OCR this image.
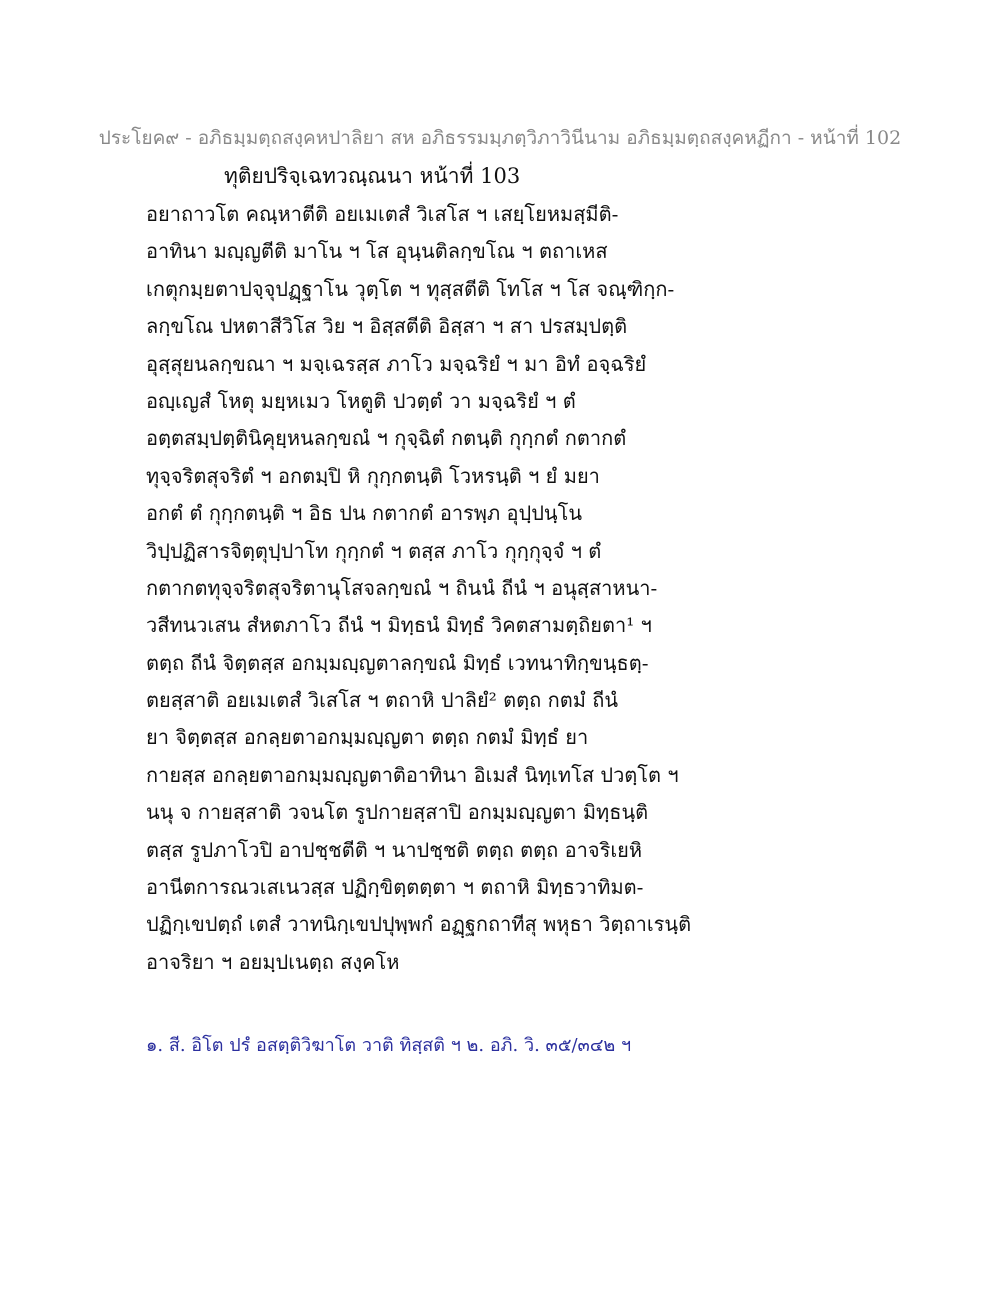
ประโยค๙ - อภิธมฺมตฺถสงฺคหปาลิยา สห อภิธรรมมฺภตฺวิภาวินีนาม อภิธมฺมตฺถสงฺคหฏีกา - หน้าที่ 102
ทุติยปริจฺเฉทวณฺณนา หน้าที่ 103
อยาถาวโต คณฺหาตีติ อยเมเตสํ วิเสโส ฯ เสยฺโยหมสฺมีติ-
อาทินา มญฺญตีติ มาโน ฯ โส อุนฺนติลกฺขโณ ฯ ตถาเหส
เกตุกมฺยตาปจฺจุปฏฺฐาโน วุตฺโต ฯ ทุสฺสตีติ โทโส ฯ โส จณฺฑิกฺก-
ลกฺขโณ ปหตาสีวิโส วิย ฯ อิสฺสตีติ อิสฺสา ฯ สา ปรสมฺปตฺติ
อุสฺสุยนลกฺขณา ฯ มจฺเฉรสฺส ภาโว มจฺฉริยํ ฯ มา อิทํ อจฺฉริยํ
อญฺเญสํ โหตุ มยฺหเมว โหตูติ ปวตฺตํ วา มจฺฉริยํ ฯ ตํ
อตฺตสมฺปตฺตินิคุยฺหนลกฺขณํ ฯ กุจฺฉิตํ กตนฺติ กุกฺกตํ กตากตํ
ทุจฺจริตสุจริตํ ฯ อกตมฺปิ หิ กุกฺกตนฺติ โวหรนฺติ ฯ ยํ มยา
อกตํ ตํ กุกฺกตนฺติ ฯ อิธ ปน กตากตํ อารพฺภ อุปฺปนฺโน
วิปฺปฏิสารจิตฺตุปฺปาโท กุกฺกตํ ฯ ตสฺส ภาโว กุกฺกุจฺจํ ฯ ตํ
กตากตทุจฺจริตสุจริตานุโสจลกฺขณํ ฯ ถินนํ ถีนํ ฯ อนุสฺสาหนา-
วสีทนวเสน สํหตภาโว ถีนํ ฯ มิทฺธนํ มิทฺธํ วิคตสามตฺถิยตา¹ ฯ
ตตฺถ ถีนํ จิตฺตสฺส อกมฺมญฺญตาลกฺขณํ มิทฺธํ เวทนาทิกฺขนฺธตฺ-
ตยสฺสาติ อยเมเตสํ วิเสโส ฯ ตถาหิ ปาลิยํ² ตตฺถ กตมํ ถีนํ
ยา จิตฺตสฺส อกลฺยตาอกมฺมญฺญตา ตตฺถ กตมํ มิทฺธํ ยา
กายสฺส อกลฺยตาอกมฺมญฺญตาติอาทินา อิเมสํ นิทฺเทโส ปวตฺโต ฯ
นนุ จ กายสฺสาติ วจนโต รูปกายสฺสาปิ อกมฺมญฺญตา มิทฺธนฺติ
ตสฺส รูปภาโวปิ อาปชฺชตีติ ฯ นาปชฺชติ ตตฺถ ตตฺถ อาจริเยหิ
อานีตการณวเสเนวสฺส ปฏิกฺขิตฺตตฺตา ฯ ตถาหิ มิทฺธวาทิมต-
ปฏิกฺเขปตฺถํ เตสํ วาทนิกฺเขปปุพฺพกํ อฏฺฐกถาทีสุ พหุธา วิตฺถาเรนฺติ
อาจริยา ฯ อยมฺปเนตฺถ สงฺคโห
๑. สี. อิโต ปรํ อสตฺติวิฆาโต วาติ ทิสฺสติ ฯ ๒. อภิ. วิ. ๓๕/๓๔๒ ฯ
